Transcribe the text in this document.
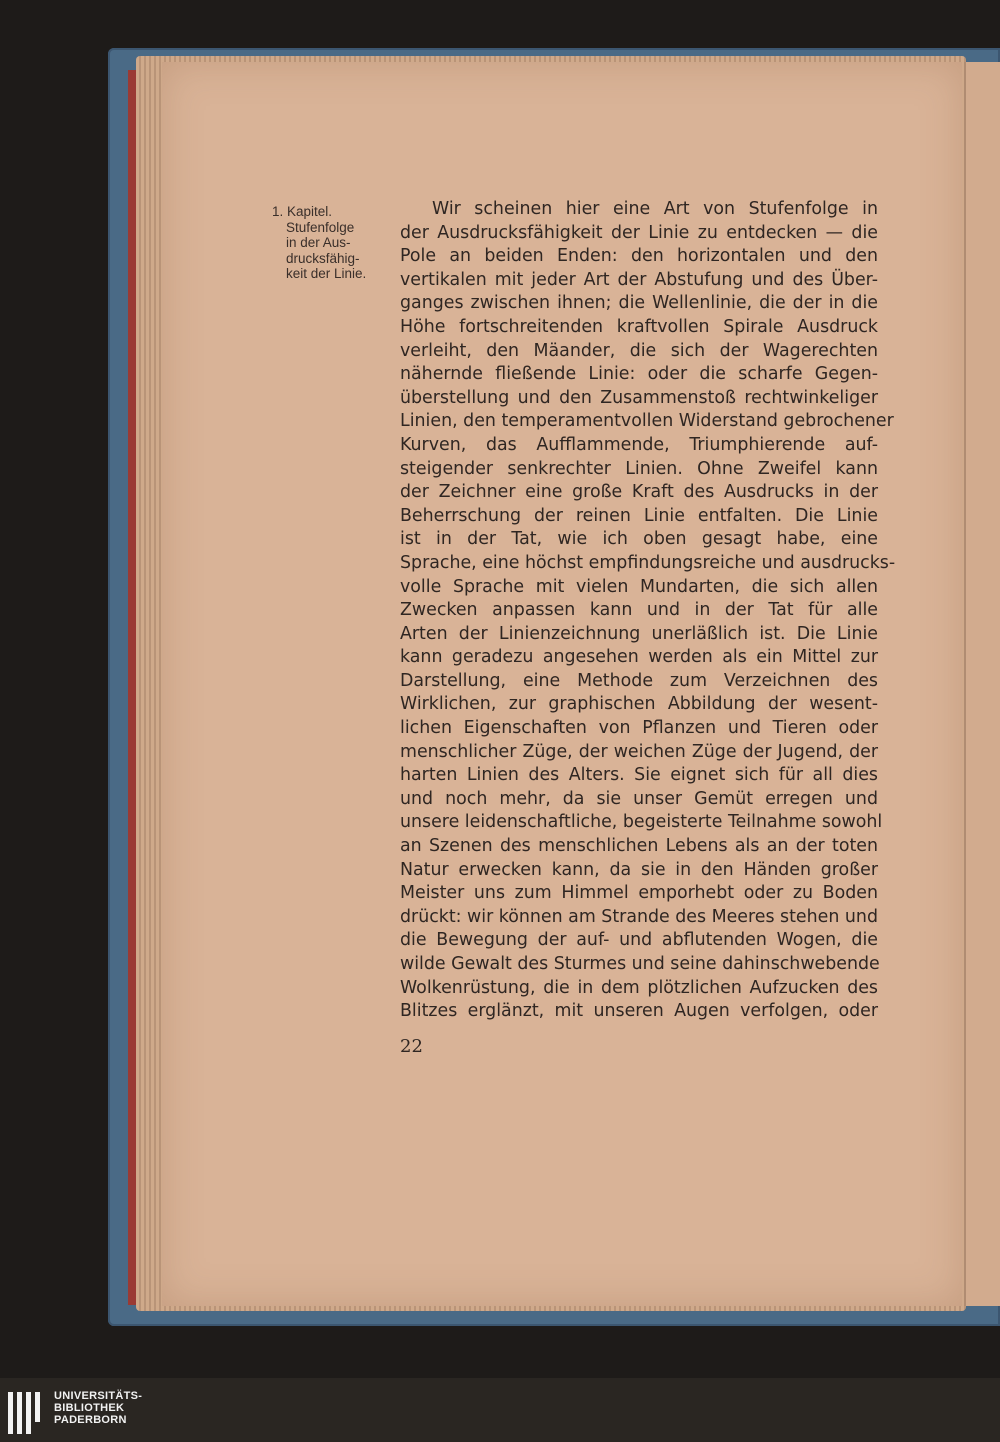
1. Kapitel.
Stufenfolge
in der Aus-
drucksfähig-
keit der Linie.
Wir scheinen hier eine Art von Stufenfolge in
der Ausdrucksfähigkeit der Linie zu entdecken — die
Pole an beiden Enden: den horizontalen und den
vertikalen mit jeder Art der Abstufung und des Über-
ganges zwischen ihnen; die Wellenlinie, die der in die
Höhe fortschreitenden kraftvollen Spirale Ausdruck
verleiht, den Mäander, die sich der Wagerechten
nähernde fließende Linie: oder die scharfe Gegen-
überstellung und den Zusammenstoß rechtwinkeliger
Linien, den temperamentvollen Widerstand gebrochener
Kurven, das Aufflammende, Triumphierende auf-
steigender senkrechter Linien. Ohne Zweifel kann
der Zeichner eine große Kraft des Ausdrucks in der
Beherrschung der reinen Linie entfalten. Die Linie
ist in der Tat, wie ich oben gesagt habe, eine
Sprache, eine höchst empfindungsreiche und ausdrucks-
volle Sprache mit vielen Mundarten, die sich allen
Zwecken anpassen kann und in der Tat für alle
Arten der Linienzeichnung unerläßlich ist. Die Linie
kann geradezu angesehen werden als ein Mittel zur
Darstellung, eine Methode zum Verzeichnen des
Wirklichen, zur graphischen Abbildung der wesent-
lichen Eigenschaften von Pflanzen und Tieren oder
menschlicher Züge, der weichen Züge der Jugend, der
harten Linien des Alters. Sie eignet sich für all dies
und noch mehr, da sie unser Gemüt erregen und
unsere leidenschaftliche, begeisterte Teilnahme sowohl
an Szenen des menschlichen Lebens als an der toten
Natur erwecken kann, da sie in den Händen großer
Meister uns zum Himmel emporhebt oder zu Boden
drückt: wir können am Strande des Meeres stehen und
die Bewegung der auf- und abflutenden Wogen, die
wilde Gewalt des Sturmes und seine dahinschwebende
Wolkenrüstung, die in dem plötzlichen Aufzucken des
Blitzes erglänzt, mit unseren Augen verfolgen, oder
22
UNIVERSITÄTS-
BIBLIOTHEK
PADERBORN
